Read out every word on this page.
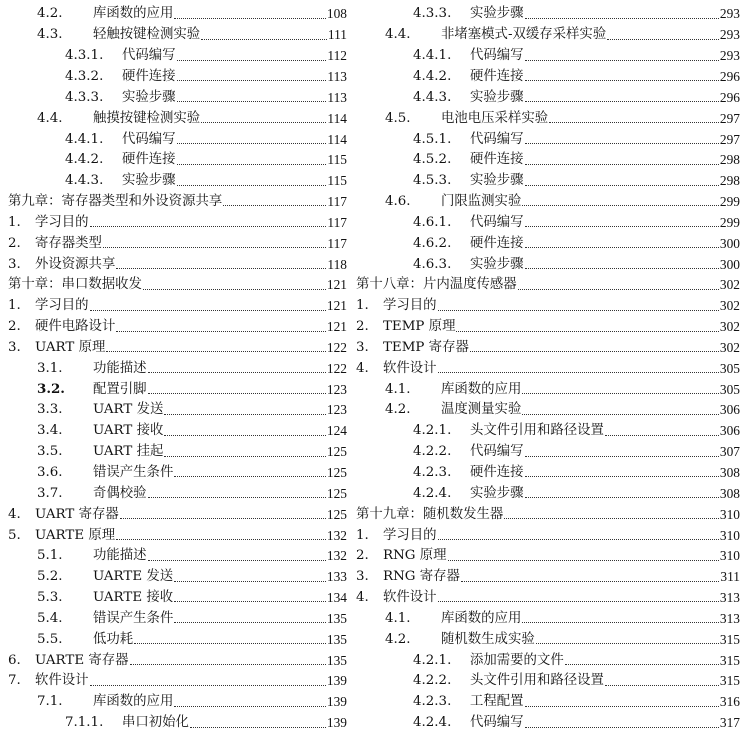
4.2.	库函数的应用	108
4.3.	轻触按键检测实验	111
4.3.1.	代码编写	112
4.3.2.	硬件连接	113
4.3.3.	实验步骤	113
4.4.	触摸按键检测实验	114
4.4.1.	代码编写	114
4.4.2.	硬件连接	115
4.4.3.	实验步骤	115
第九章：寄存器类型和外设资源共享	117
1.	学习目的	117
2.	寄存器类型	117
3.	外设资源共享	118
第十章：串口数据收发	121
1.	学习目的	121
2.	硬件电路设计	121
3.	UART 原理	122
3.1.	功能描述	122
3.2.	配置引脚	123
3.3.	UART 发送	123
3.4.	UART 接收	124
3.5.	UART 挂起	125
3.6.	错误产生条件	125
3.7.	奇偶校验	125
4.	UART 寄存器	125
5.	UARTE 原理	132
5.1.	功能描述	132
5.2.	UARTE 发送	133
5.3.	UARTE 接收	134
5.4.	错误产生条件	135
5.5.	低功耗	135
6.	UARTE 寄存器	135
7.	软件设计	139
7.1.	库函数的应用	139
7.1.1.	串口初始化	139
4.3.3.	实验步骤	293
4.4.	非堵塞模式-双缓存采样实验	293
4.4.1.	代码编写	293
4.4.2.	硬件连接	296
4.4.3.	实验步骤	296
4.5.	电池电压采样实验	297
4.5.1.	代码编写	297
4.5.2.	硬件连接	298
4.5.3.	实验步骤	298
4.6.	门限监测实验	299
4.6.1.	代码编写	299
4.6.2.	硬件连接	300
4.6.3.	实验步骤	300
第十八章：片内温度传感器	302
1.	学习目的	302
2.	TEMP 原理	302
3.	TEMP 寄存器	302
4.	软件设计	305
4.1.	库函数的应用	305
4.2.	温度测量实验	306
4.2.1.	头文件引用和路径设置	306
4.2.2.	代码编写	307
4.2.3.	硬件连接	308
4.2.4.	实验步骤	308
第十九章：随机数发生器	310
1.	学习目的	310
2.	RNG 原理	310
3.	RNG 寄存器	311
4.	软件设计	313
4.1.	库函数的应用	313
4.2.	随机数生成实验	315
4.2.1.	添加需要的文件	315
4.2.2.	头文件引用和路径设置	315
4.2.3.	工程配置	316
4.2.4.	代码编写	317
